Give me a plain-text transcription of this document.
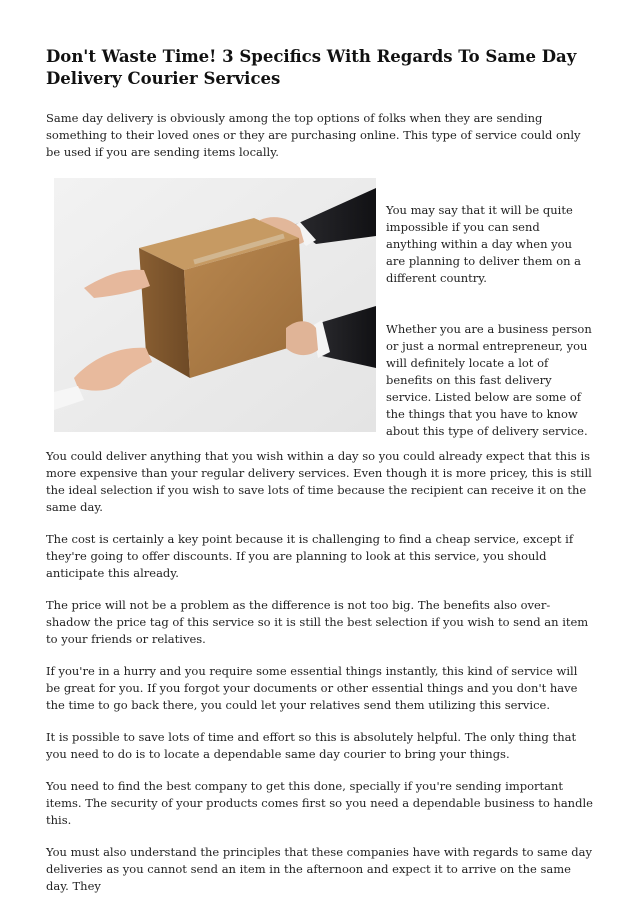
Don't Waste Time! 3 Specifics With Regards To Same Day Delivery Courier Services

Same day delivery is obviously among the top options of folks when they are sending something to their loved ones or they are purchasing online. This type of service could only be used if you are sending items locally.

You may say that it will be quite impossible if you can send anything within a day when you are planning to deliver them on a different country.

Whether you are a business person or just a normal entrepreneur, you will definitely locate a lot of benefits on this fast delivery service. Listed below are some of the things that you have to know about this type of delivery service.

You could deliver anything that you wish within a day so you could already expect that this is more expensive than your regular delivery services. Even though it is more pricey, this is still the ideal selection if you wish to save lots of time because the recipient can receive it on the same day.

The cost is certainly a key point because it is challenging to find a cheap service, except if they're going to offer discounts. If you are planning to look at this service, you should anticipate this already.

The price will not be a problem as the difference is not too big. The benefits also over-shadow the price tag of this service so it is still the best selection if you wish to send an item to your friends or relatives.

If you're in a hurry and you require some essential things instantly, this kind of service will be great for you. If you forgot your documents or other essential things and you don't have the time to go back there, you could let your relatives send them utilizing this service.

It is possible to save lots of time and effort so this is absolutely helpful. The only thing that you need to do is to locate a dependable same day courier to bring your things.

You need to find the best company to get this done, specially if you're sending important items. The security of your products comes first so you need a dependable business to handle this.

You must also understand the principles that these companies have with regards to same day deliveries as you cannot send an item in the afternoon and expect it to arrive on the same day. They
